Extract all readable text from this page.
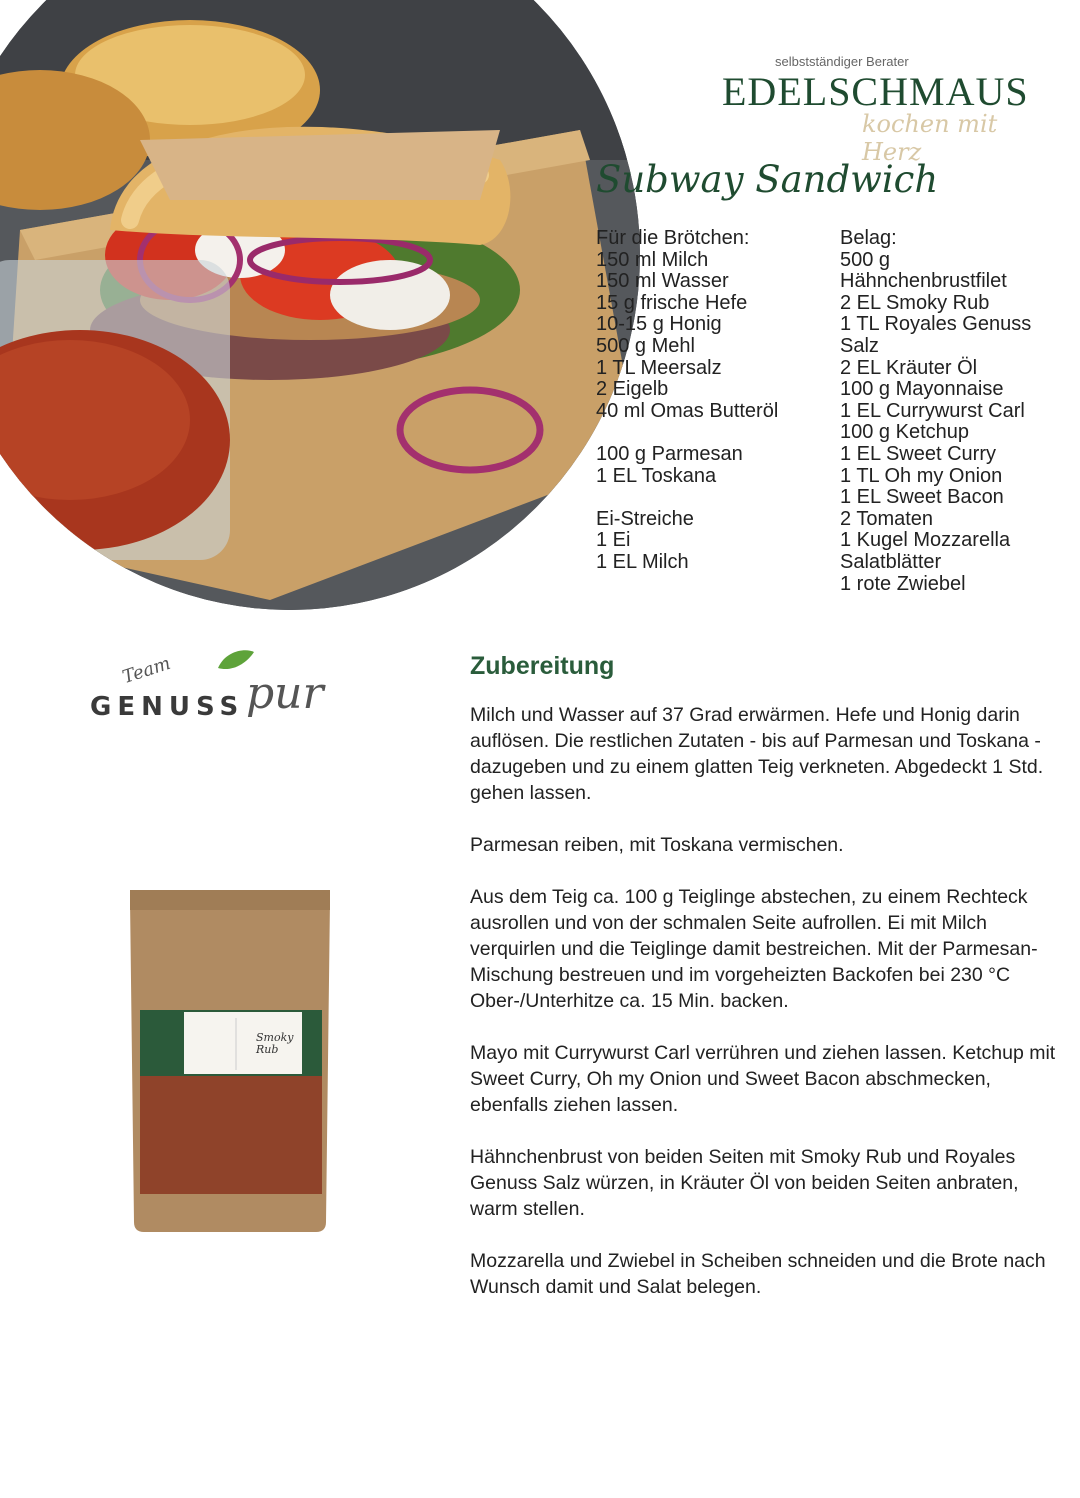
selbstständiger Berater
EDELSCHMAUS
kochen mit Herz
Subway Sandwich
Für die Brötchen:
150 ml Milch
150 ml Wasser
15 g frische Hefe
10-15 g Honig
500 g Mehl
1 TL Meersalz
2 Eigelb
40 ml Omas Butteröl
100 g Parmesan
1 EL Toskana
Ei-Streiche
1 Ei
1 EL Milch
Belag:
500 g
Hähnchenbrustfilet
2 EL Smoky Rub
1 TL Royales Genuss
Salz
2 EL Kräuter Öl
100 g Mayonnaise
1 EL Currywurst Carl
100 g Ketchup
1 EL Sweet Curry
1 TL Oh my Onion
1 EL Sweet Bacon
2 Tomaten
1 Kugel Mozzarella
Salatblätter
1 rote Zwiebel
Team
GENUSS pur
Smoky Rub
Zubereitung

Milch und Wasser auf 37 Grad erwärmen. Hefe und Honig darin auflösen. Die restlichen Zutaten - bis auf Parmesan und Toskana - dazugeben und zu einem glatten Teig verkneten. Abgedeckt 1 Std. gehen lassen.

Parmesan reiben, mit Toskana vermischen.

Aus dem Teig ca. 100 g Teiglinge abstechen, zu einem Rechteck ausrollen und von der schmalen Seite aufrollen. Ei mit Milch verquirlen und die Teiglinge damit bestreichen. Mit der Parmesan-Mischung bestreuen und im vorgeheizten Backofen bei 230 °C Ober-/Unterhitze ca. 15 Min. backen.

Mayo mit Currywurst Carl verrühren und ziehen lassen. Ketchup mit Sweet Curry, Oh my Onion und Sweet Bacon abschmecken, ebenfalls ziehen lassen.

Hähnchenbrust von beiden Seiten mit Smoky Rub und Royales Genuss Salz würzen, in Kräuter Öl von beiden Seiten anbraten, warm stellen.

Mozzarella und Zwiebel in Scheiben schneiden und die Brote nach Wunsch damit und Salat belegen.
